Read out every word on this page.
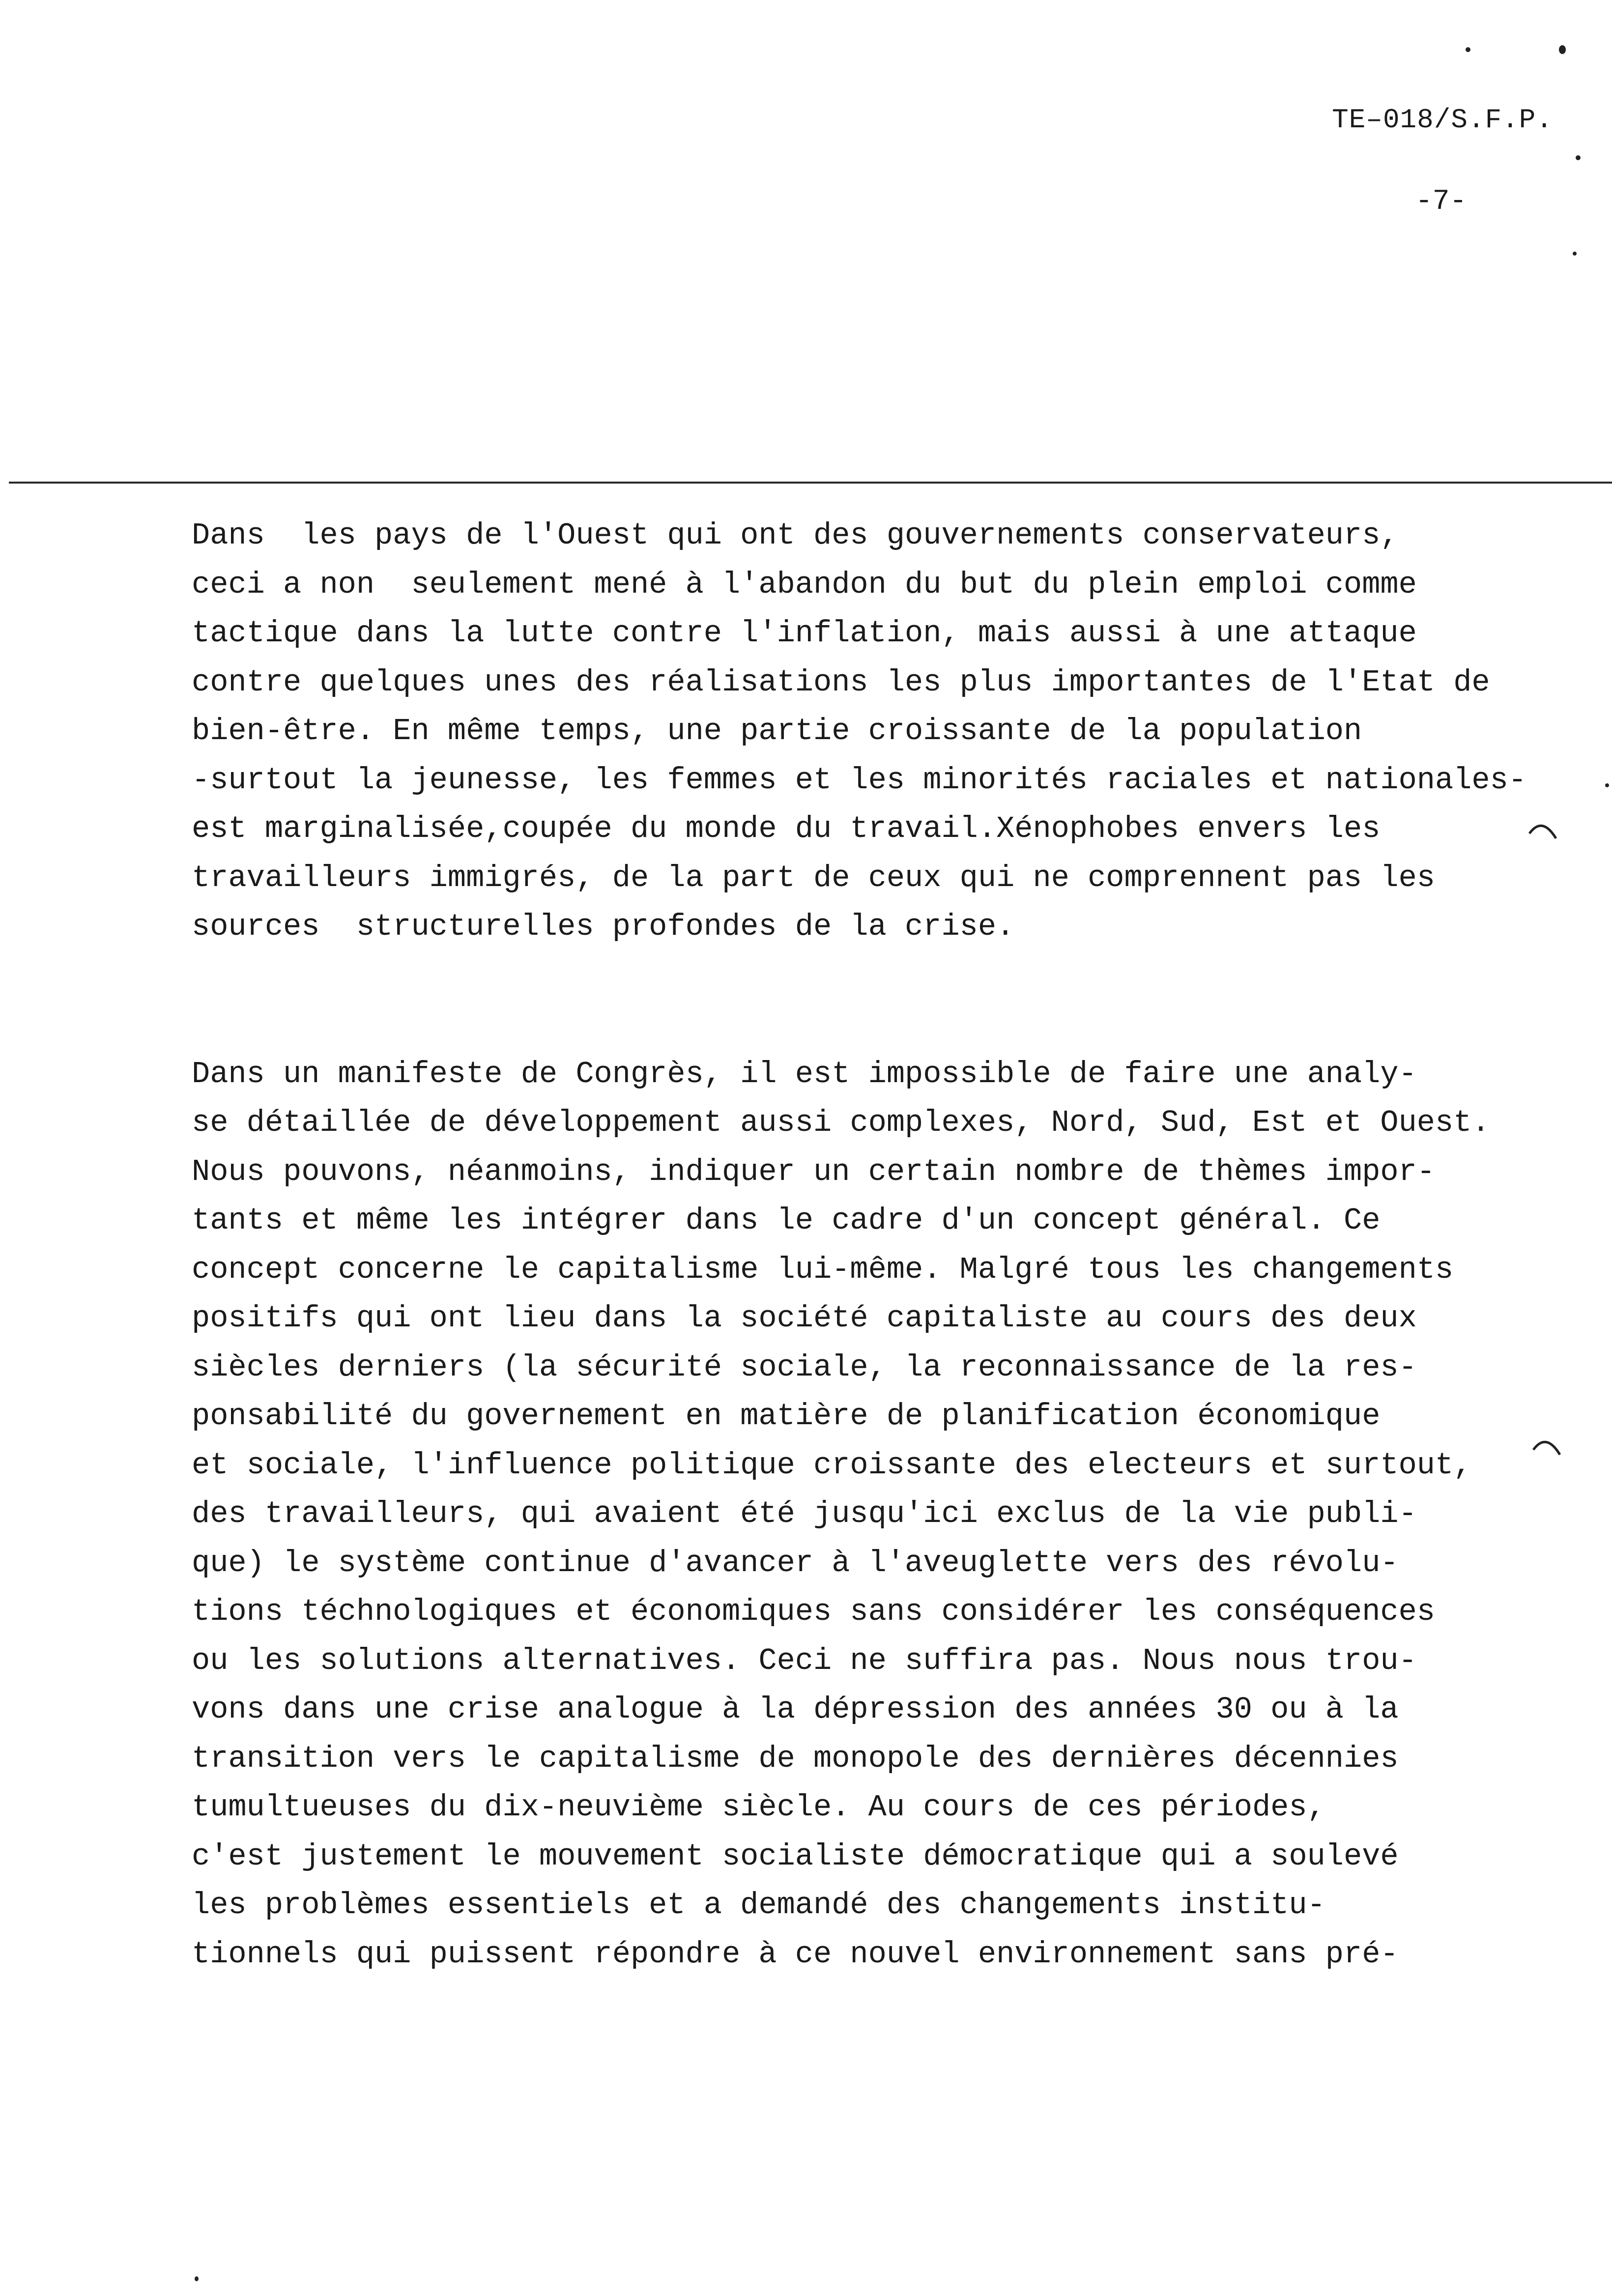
TE–018/S.F.P.
-7-
Dans  les pays de l'Ouest qui ont des gouvernements conservateurs,
ceci a non  seulement mené à l'abandon du but du plein emploi comme
tactique dans la lutte contre l'inflation, mais aussi à une attaque
contre quelques unes des réalisations les plus importantes de l'Etat de
bien-être. En même temps, une partie croissante de la population
-surtout la jeunesse, les femmes et les minorités raciales et nationales-
est marginalisée,coupée du monde du travail.Xénophobes envers les
travailleurs immigrés, de la part de ceux qui ne comprennent pas les
sources  structurelles profondes de la crise.
Dans un manifeste de Congrès, il est impossible de faire une analy-
se détaillée de développement aussi complexes, Nord, Sud, Est et Ouest.
Nous pouvons, néanmoins, indiquer un certain nombre de thèmes impor-
tants et même les intégrer dans le cadre d'un concept général. Ce
concept concerne le capitalisme lui-même. Malgré tous les changements
positifs qui ont lieu dans la société capitaliste au cours des deux
siècles derniers (la sécurité sociale, la reconnaissance de la res-
ponsabilité du governement en matière de planification économique
et sociale, l'influence politique croissante des electeurs et surtout,
des travailleurs, qui avaient été jusqu'ici exclus de la vie publi-
que) le système continue d'avancer à l'aveuglette vers des révolu-
tions téchnologiques et économiques sans considérer les conséquences
ou les solutions alternatives. Ceci ne suffira pas. Nous nous trou-
vons dans une crise analogue à la dépression des années 30 ou à la
transition vers le capitalisme de monopole des dernières décennies
tumultueuses du dix-neuvième siècle. Au cours de ces périodes,
c'est justement le mouvement socialiste démocratique qui a soulevé
les problèmes essentiels et a demandé des changements institu-
tionnels qui puissent répondre à ce nouvel environnement sans pré-
